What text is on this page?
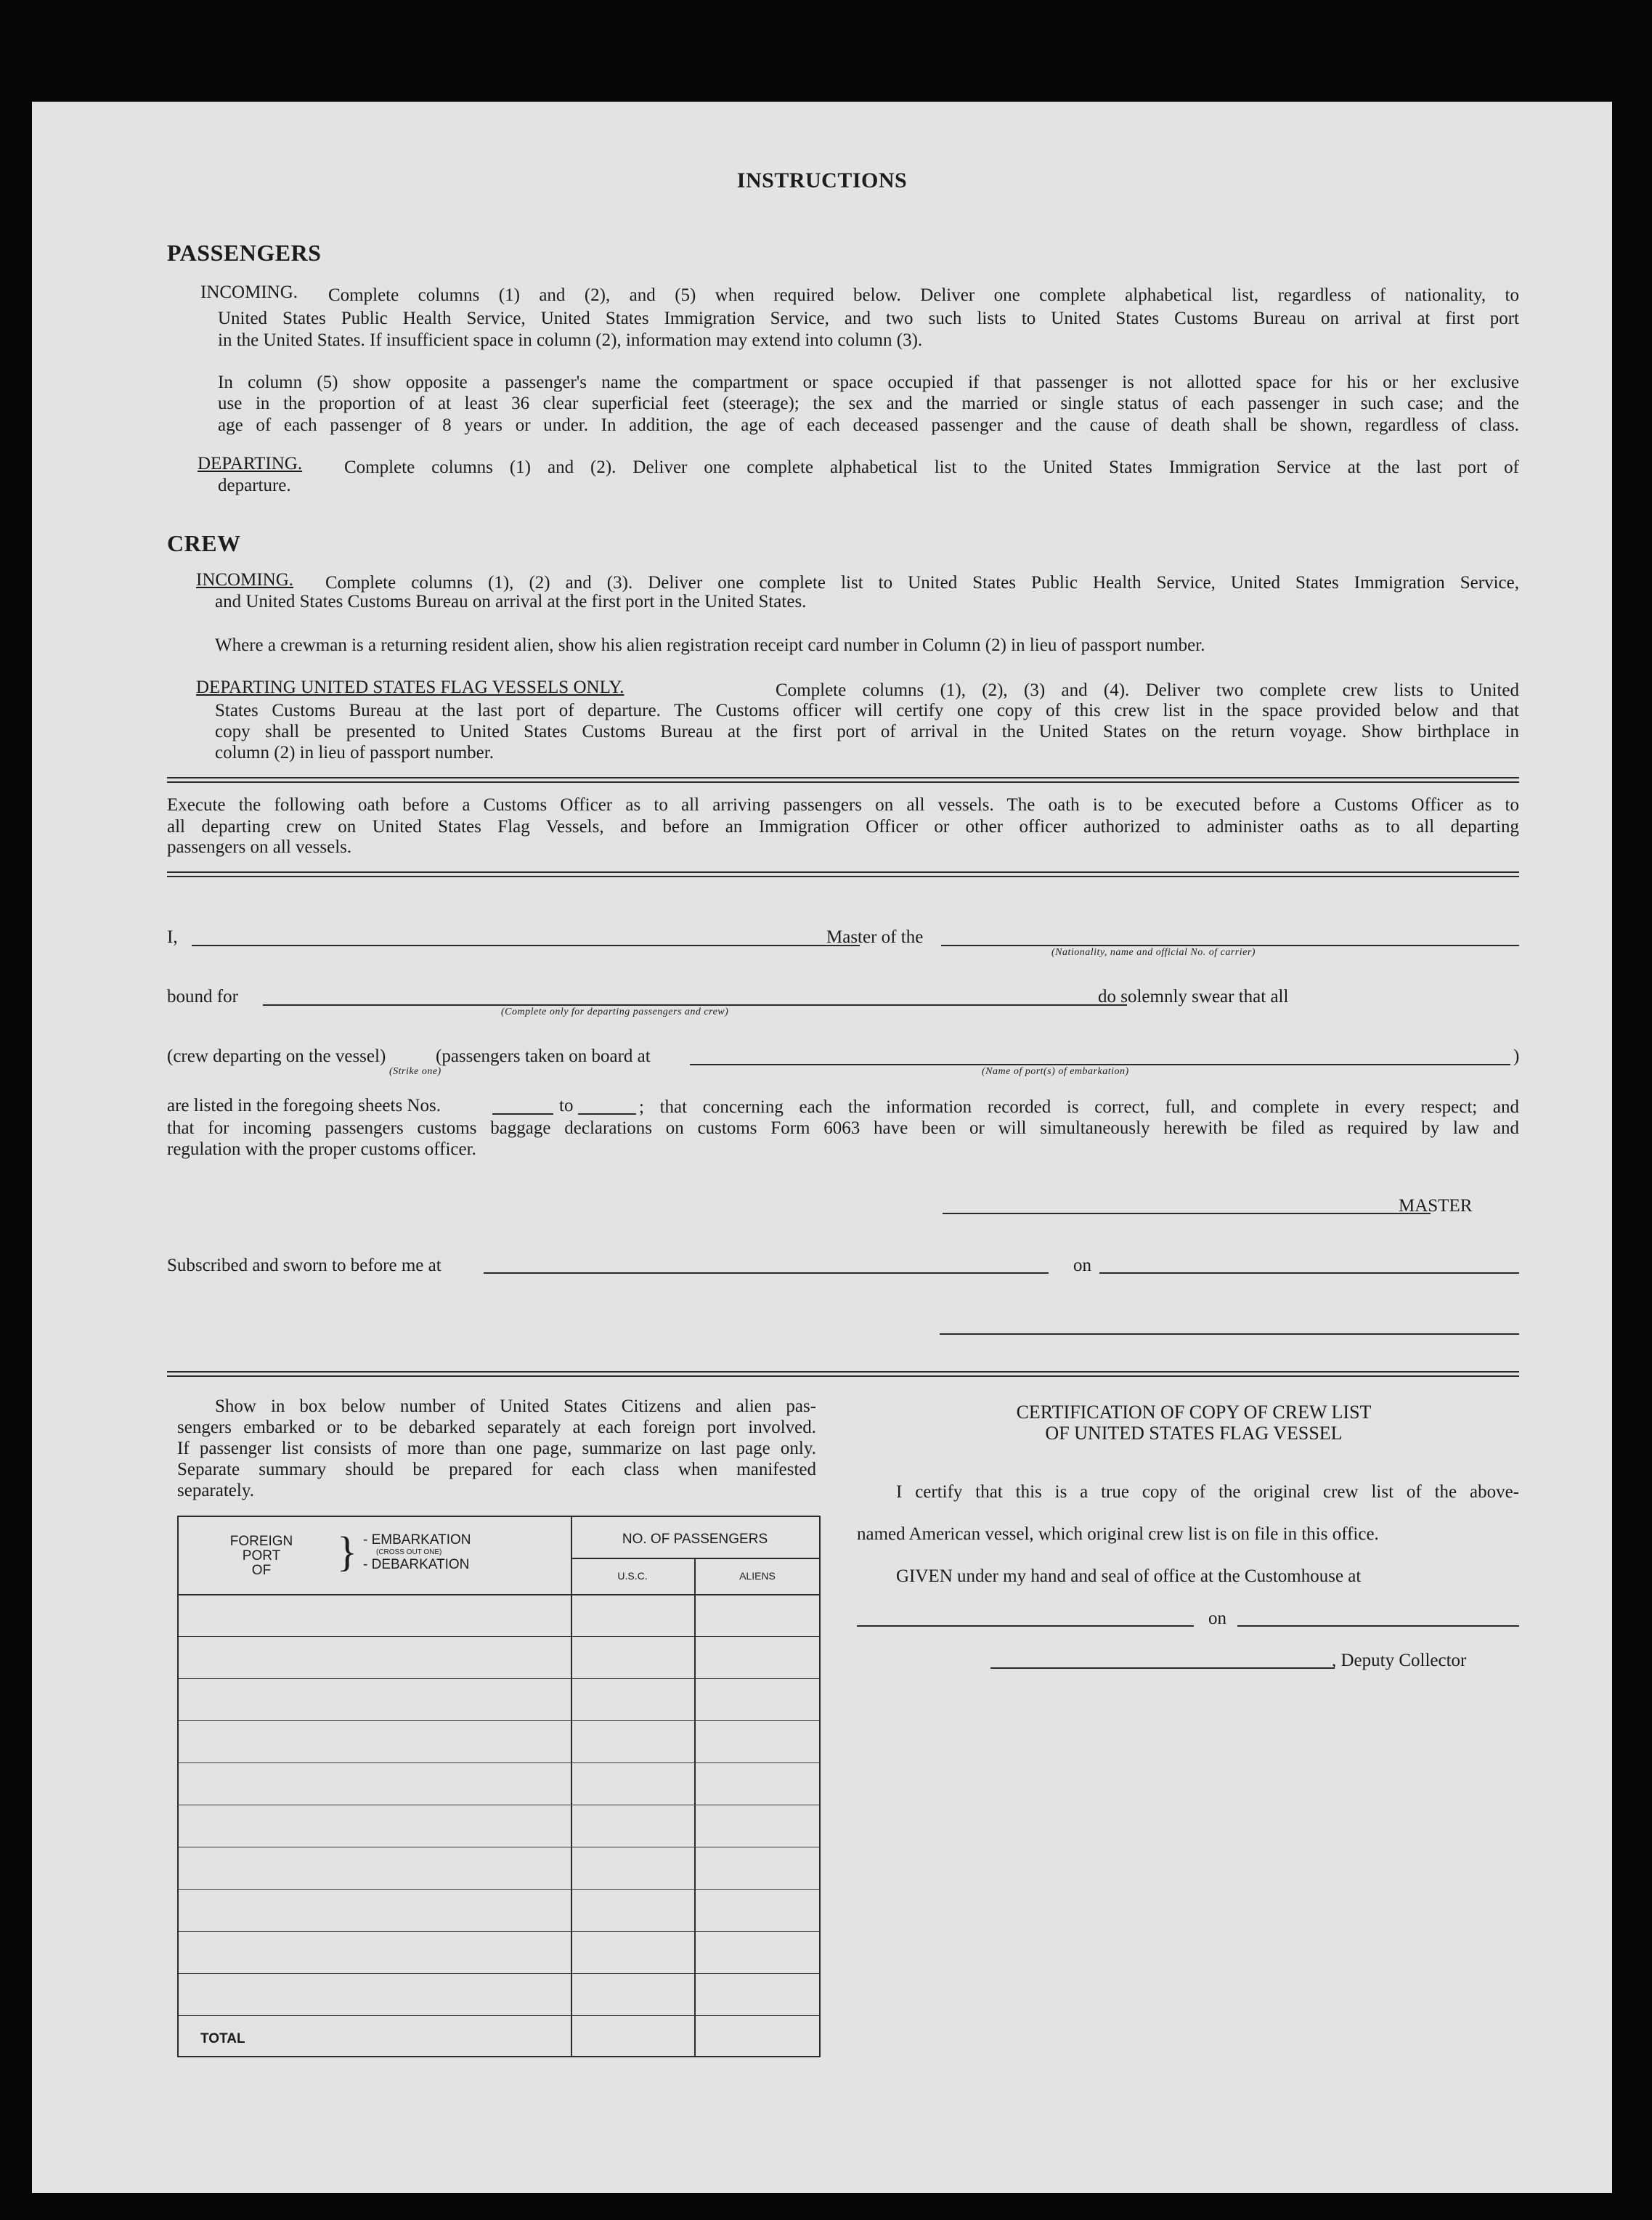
INSTRUCTIONS
PASSENGERS
INCOMING. Complete columns (1) and (2), and (5) when required below. Deliver one complete alphabetical list, regardless of nationality, to
United States Public Health Service, United States Immigration Service, and two such lists to United States Customs Bureau on arrival at first port
in the United States. If insufficient space in column (2), information may extend into column (3).
In column (5) show opposite a passenger's name the compartment or space occupied if that passenger is not allotted space for his or her exclusive
use in the proportion of at least 36 clear superficial feet (steerage); the sex and the married or single status of each passenger in such case; and the
age of each passenger of 8 years or under. In addition, the age of each deceased passenger and the cause of death shall be shown, regardless of class.
DEPARTING. Complete columns (1) and (2). Deliver one complete alphabetical list to the United States Immigration Service at the last port of
departure.
CREW
INCOMING. Complete columns (1), (2) and (3). Deliver one complete list to United States Public Health Service, United States Immigration Service,
and United States Customs Bureau on arrival at the first port in the United States.
Where a crewman is a returning resident alien, show his alien registration receipt card number in Column (2) in lieu of passport number.
DEPARTING UNITED STATES FLAG VESSELS ONLY.	Complete columns (1), (2), (3) and (4). Deliver two complete crew lists to United
States Customs Bureau at the last port of departure. The Customs officer will certify one copy of this crew list in the space provided below and that
copy shall be presented to United States Customs Bureau at the first port of arrival in the United States on the return voyage. Show birthplace in
column (2) in lieu of passport number.
Execute the following oath before a Customs Officer as to all arriving passengers on all vessels. The oath is to be executed before a Customs Officer as to
all departing crew on United States Flag Vessels, and before an Immigration Officer or other officer authorized to administer oaths as to all departing
passengers on all vessels.
I,	Master of the
(Nationality, name and official No. of carrier)
bound for	do solemnly swear that all
(Complete only for departing passengers and crew)
(crew departing on the vessel)	(passengers taken on board at	)
(Strike one)	(Name of port(s) of embarkation)
are listed in the foregoing sheets Nos.	to	; that concerning each the information recorded is correct, full, and complete in every respect; and
that for incoming passengers customs baggage declarations on customs Form 6063 have been or will simultaneously herewith be filed as required by law and
regulation with the proper customs officer.
MASTER
Subscribed and sworn to before me at	on
Show in box below number of United States Citizens and alien pas-
sengers embarked or to be debarked separately at each foreign port involved.
If passenger list consists of more than one page, summarize on last page only.
Separate summary should be prepared for each class when manifested
separately.
FOREIGN
PORT
OF	} - EMBARKATION
(CROSS OUT ONE)
- DEBARKATION
NO. OF PASSENGERS
U.S.C.	ALIENS
TOTAL
CERTIFICATION OF COPY OF CREW LIST
OF UNITED STATES FLAG VESSEL
I certify that this is a true copy of the original crew list of the above-
named American vessel, which original crew list is on file in this office.
GIVEN under my hand and seal of office at the Customhouse at
on
, Deputy Collector
